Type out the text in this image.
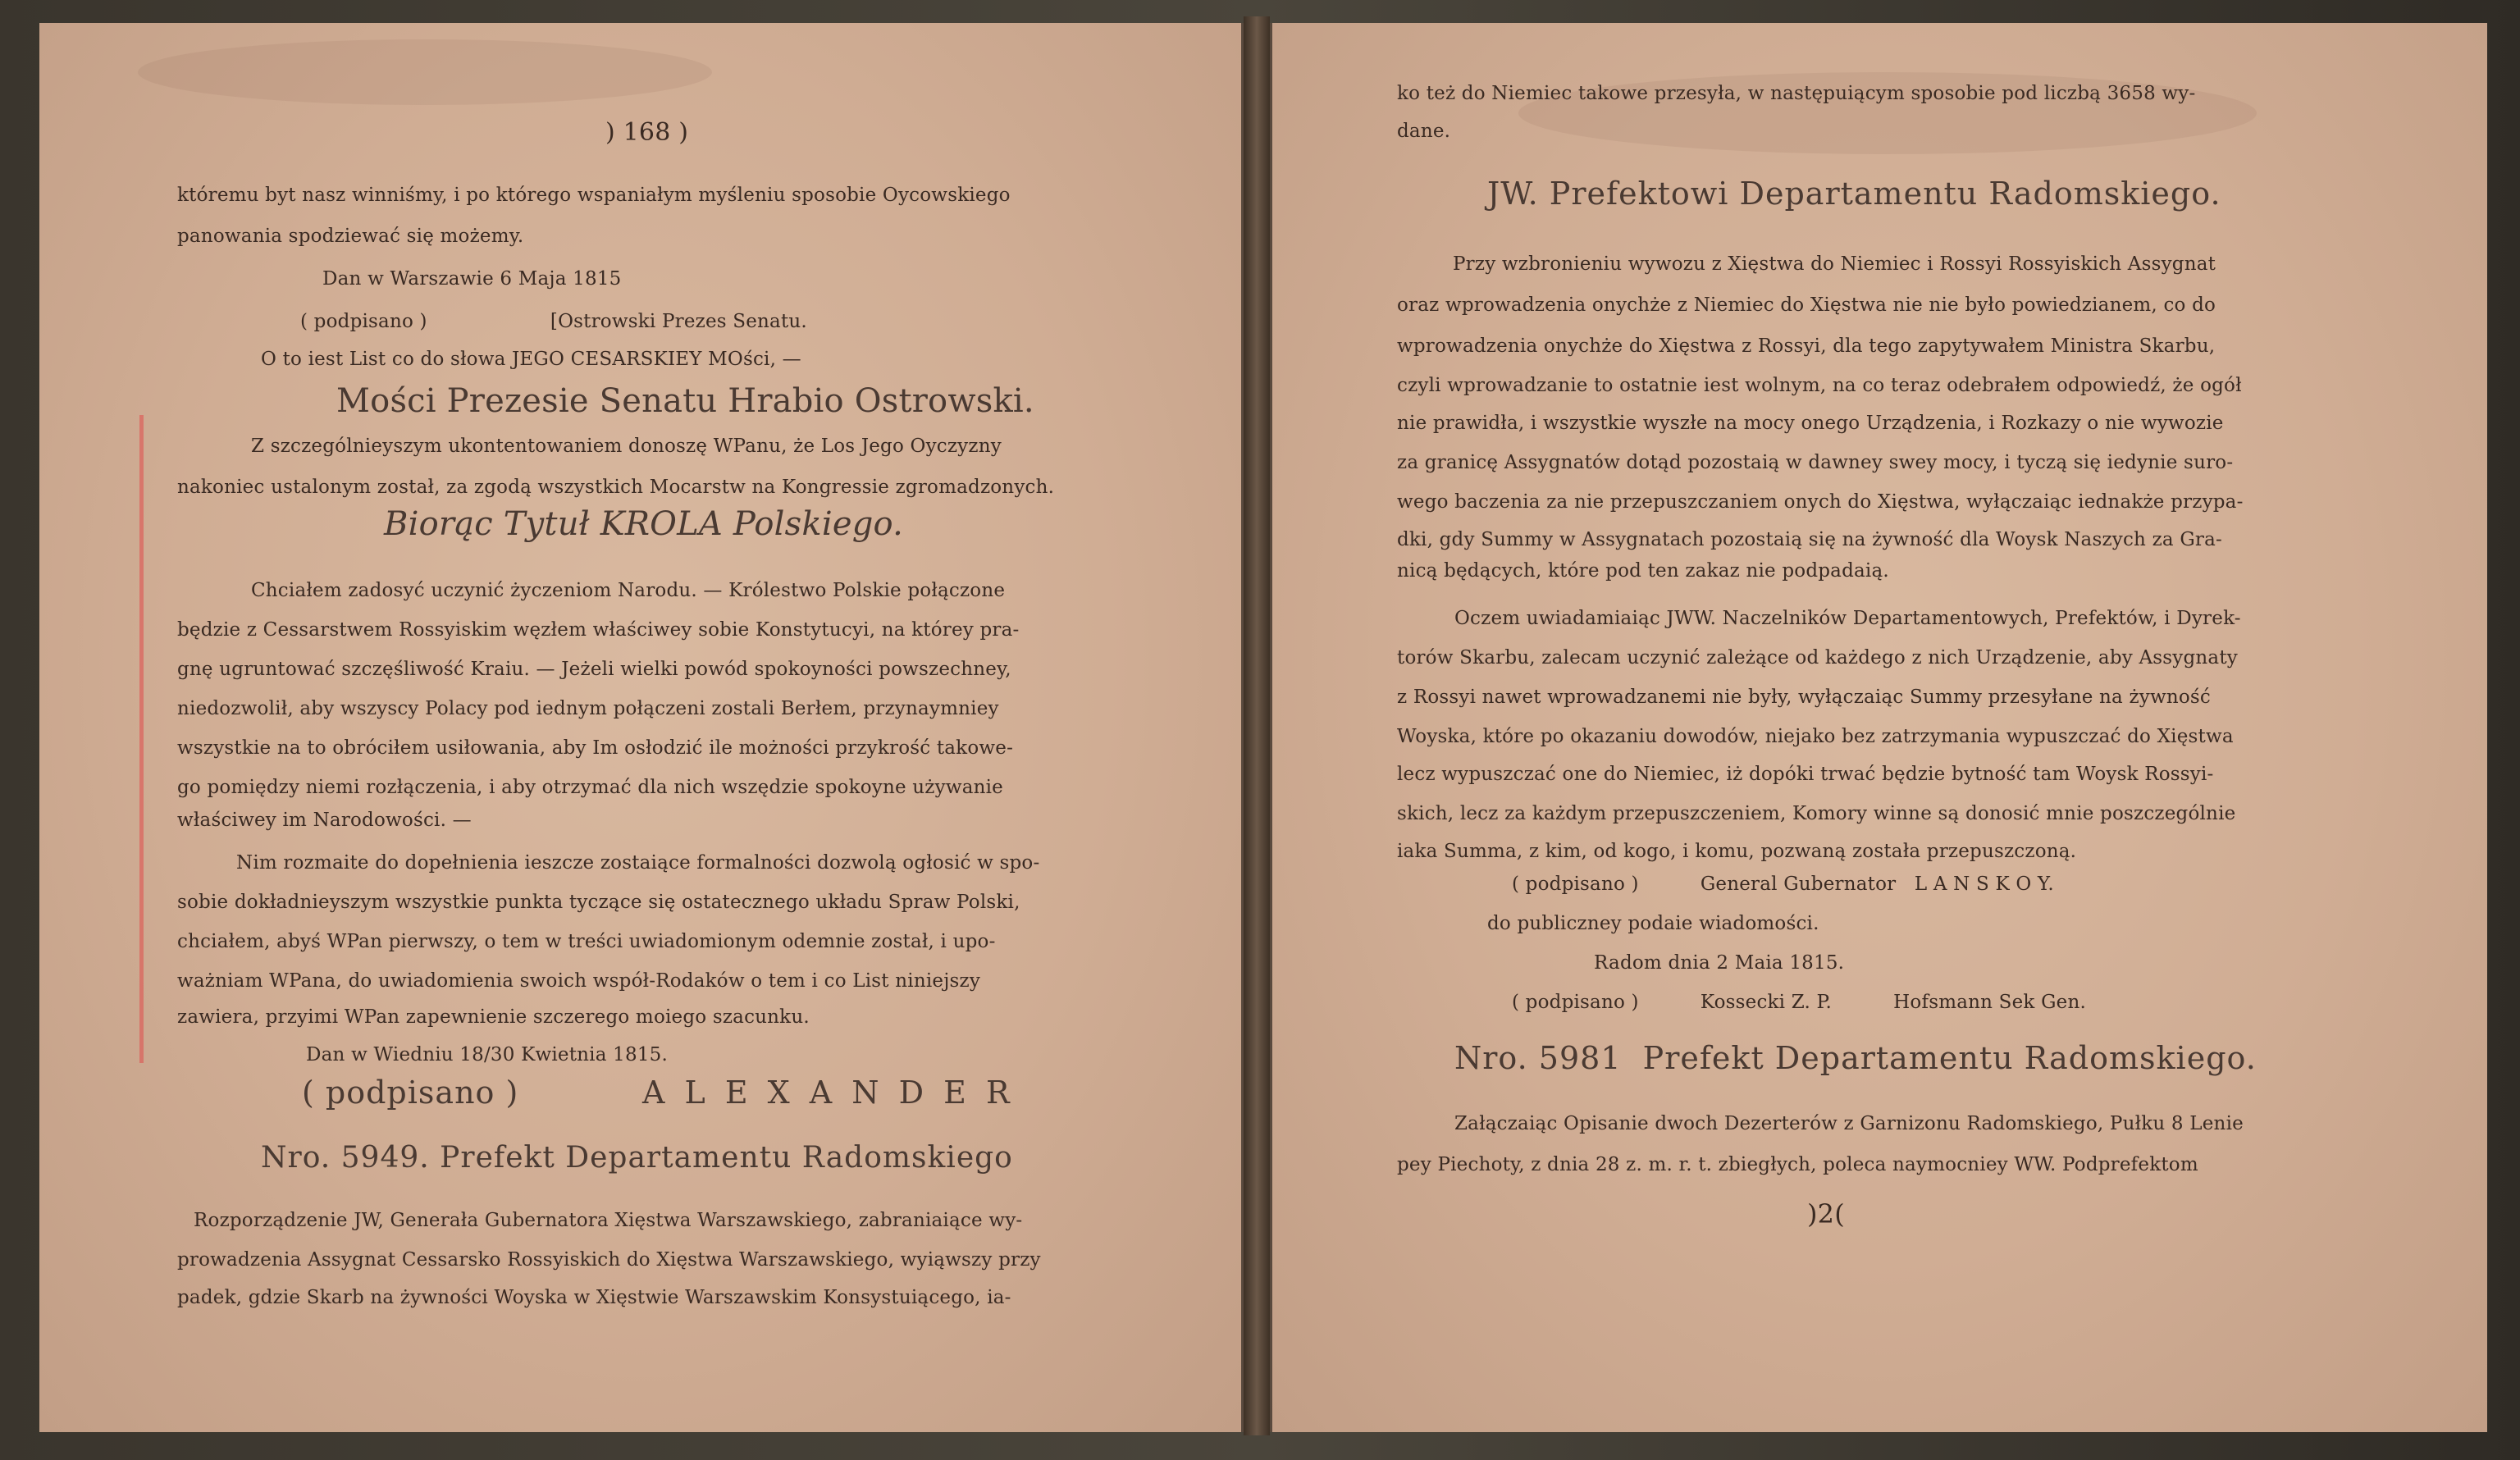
) 168 )
któremu byt nasz winniśmy, i po którego wspaniałym myśleniu sposobie Oycowskiego
panowania spodziewać się możemy.
Dan w Warszawie 6 Maja 1815
( podpisano )                    [Ostrowski Prezes Senatu.
O to iest List co do słowa JEGO CESARSKIEY MOści, —
Mości Prezesie Senatu Hrabio Ostrowski.
Z szczególnieyszym ukontentowaniem donoszę WPanu, że Los Jego Oyczyzny
nakoniec ustalonym został, za zgodą wszystkich Mocarstw na Kongressie zgromadzonych.
Biorąc Tytuł KROLA Polskiego.
Chciałem zadosyć uczynić życzeniom Narodu. — Królestwo Polskie połączone
będzie z Cessarstwem Rossyiskim węzłem właściwey sobie Konstytucyi, na którey pra-
gnę ugruntować szczęśliwość Kraiu. — Jeżeli wielki powód spokoyności powszechney,
niedozwolił, aby wszyscy Polacy pod iednym połączeni zostali Berłem, przynaymniey
wszystkie na to obróciłem usiłowania, aby Im osłodzić ile możności przykrość takowe-
go pomiędzy niemi rozłączenia, i aby otrzymać dla nich wszędzie spokoyne używanie
właściwey im Narodowości. —
Nim rozmaite do dopełnienia ieszcze zostaiące formalności dozwolą ogłosić w spo-
sobie dokładnieyszym wszystkie punkta tyczące się ostatecznego układu Spraw Polski,
chciałem, abyś WPan pierwszy, o tem w treści uwiadomionym odemnie został, i upo-
ważniam WPana, do uwiadomienia swoich współ-Rodaków o tem i co List niniejszy
zawiera, przyimi WPan zapewnienie szczerego moiego szacunku.
Dan w Wiedniu 18/30 Kwietnia 1815.
( podpisano )	A L E X A N D E R
Nro. 5949. Prefekt Departamentu Radomskiego
Rozporządzenie JW, Generała Gubernatora Xięstwa Warszawskiego, zabraniaiące wy-
prowadzenia Assygnat Cessarsko Rossyiskich do Xięstwa Warszawskiego, wyiąwszy przy
padek, gdzie Skarb na żywności Woyska w Xięstwie Warszawskim Konsystuiącego, ia-
ko też do Niemiec takowe przesyła, w następuiącym sposobie pod liczbą 3658 wy-
dane.
JW. Prefektowi Departamentu Radomskiego.
Przy wzbronieniu wywozu z Xięstwa do Niemiec i Rossyi Rossyiskich Assygnat
oraz wprowadzenia onychże z Niemiec do Xięstwa nie nie było powiedzianem, co do
wprowadzenia onychże do Xięstwa z Rossyi, dla tego zapytywałem Ministra Skarbu,
czyli wprowadzanie to ostatnie iest wolnym, na co teraz odebrałem odpowiedź, że ogół
nie prawidła, i wszystkie wyszłe na mocy onego Urządzenia, i Rozkazy o nie wywozie
za granicę Assygnatów dotąd pozostaią w dawney swey mocy, i tyczą się iedynie suro-
wego baczenia za nie przepuszczaniem onych do Xięstwa, wyłączaiąc iednakże przypa-
dki, gdy Summy w Assygnatach pozostaią się na żywność dla Woysk Naszych za Gra-
nicą będących, które pod ten zakaz nie podpadaią.
Oczem uwiadamiaiąc JWW. Naczelników Departamentowych, Prefektów, i Dyrek-
torów Skarbu, zalecam uczynić zależące od każdego z nich Urządzenie, aby Assygnaty
z Rossyi nawet wprowadzanemi nie były, wyłączaiąc Summy przesyłane na żywność
Woyska, które po okazaniu dowodów, niejako bez zatrzymania wypuszczać do Xięstwa
lecz wypuszczać one do Niemiec, iż dopóki trwać będzie bytność tam Woysk Rossyi-
skich, lecz za każdym przepuszczeniem, Komory winne są donosić mnie poszczególnie
iaka Summa, z kim, od kogo, i komu, pozwaną została przepuszczoną.
( podpisano )          General Gubernator   L A N S K O Y.
do publiczney podaie wiadomości.
Radom dnia 2 Maia 1815.
( podpisano )          Kossecki Z. P.          Hofsmann Sek Gen.
Nro. 5981  Prefekt Departamentu Radomskiego.
Załączaiąc Opisanie dwoch Dezerterów z Garnizonu Radomskiego, Pułku 8 Lenie
pey Piechoty, z dnia 28 z. m. r. t. zbiegłych, poleca naymocniey WW. Podprefektom
)2(
